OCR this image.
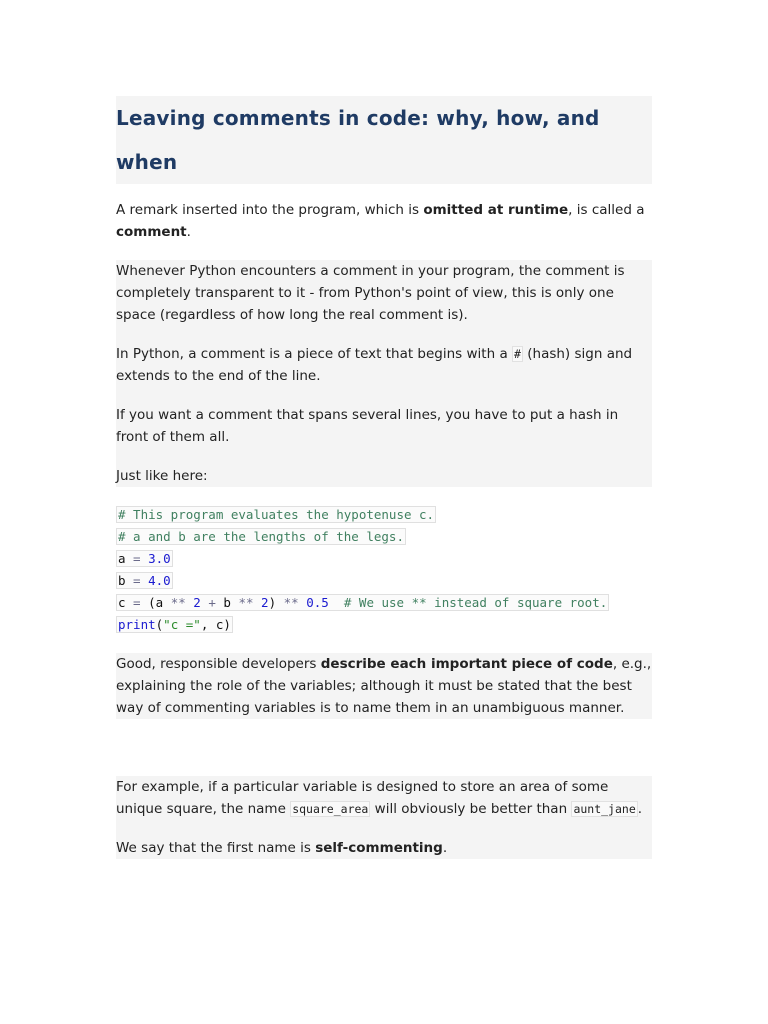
Leaving comments in code: why, how, and when

A remark inserted into the program, which is omitted at runtime, is called a comment.

Whenever Python encounters a comment in your program, the comment is completely transparent to it - from Python's point of view, this is only one space (regardless of how long the real comment is).

In Python, a comment is a piece of text that begins with a # (hash) sign and extends to the end of the line.

If you want a comment that spans several lines, you have to put a hash in front of them all.

Just like here:

# This program evaluates the hypotenuse c.
# a and b are the lengths of the legs.
a = 3.0
b = 4.0
c = (a ** 2 + b ** 2) ** 0.5  # We use ** instead of square root.
print("c =", c)

Good, responsible developers describe each important piece of code, e.g., explaining the role of the variables; although it must be stated that the best way of commenting variables is to name them in an unambiguous manner.

For example, if a particular variable is designed to store an area of some unique square, the name square_area will obviously be better than aunt_jane .

We say that the first name is self-commenting.
